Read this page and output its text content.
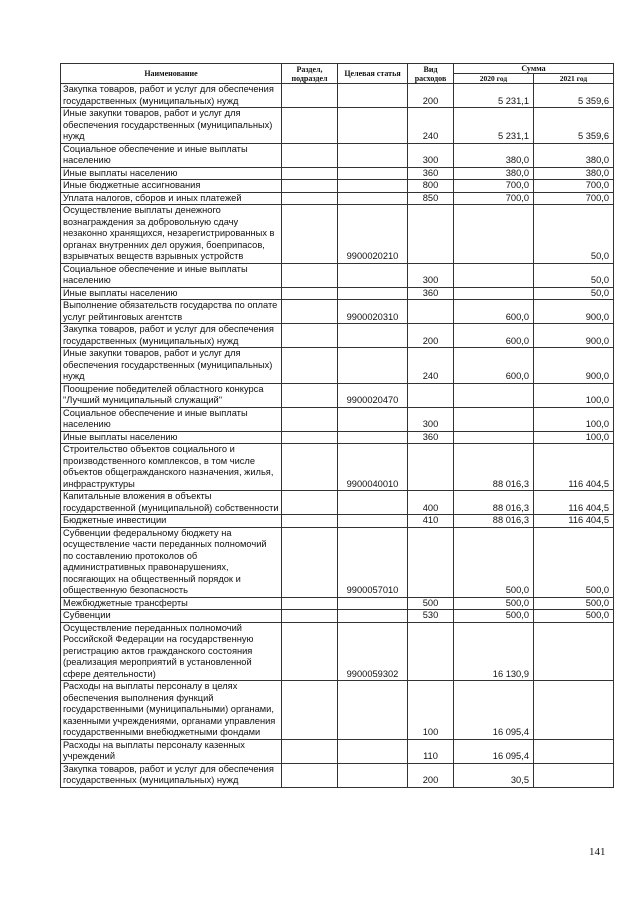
Наименование	Раздел, подраздел	Целевая статья	Вид расходов	Сумма	
				2020 год	2021 год
Закупка товаров, работ и услуг для обеспечения государственных (муниципальных) нужд			200	5 231,1	5 359,6
Иные закупки товаров, работ и услуг для обеспечения государственных (муниципальных) нужд			240	5 231,1	5 359,6
Социальное обеспечение и иные выплаты населению			300	380,0	380,0
Иные выплаты населению			360	380,0	380,0
Иные бюджетные ассигнования			800	700,0	700,0
Уплата налогов, сборов и иных платежей			850	700,0	700,0
Осуществление выплаты денежного вознаграждения за добровольную сдачу незаконно хранящихся, незарегистрированных в органах внутренних дел оружия, боеприпасов, взрывчатых веществ взрывных устройств		9900020210			50,0
Социальное обеспечение и иные выплаты населению			300		50,0
Иные выплаты населению			360		50,0
Выполнение обязательств государства по оплате услуг рейтинговых агентств		9900020310		600,0	900,0
Закупка товаров, работ и услуг для обеспечения государственных (муниципальных) нужд			200	600,0	900,0
Иные закупки товаров, работ и услуг для обеспечения государственных (муниципальных) нужд			240	600,0	900,0
Поощрение победителей областного конкурса "Лучший муниципальный служащий"		9900020470			100,0
Социальное обеспечение и иные выплаты населению			300		100,0
Иные выплаты населению			360		100,0
Строительство объектов социального и производственного комплексов, в том числе объектов общегражданского назначения, жилья, инфраструктуры		9900040010		88 016,3	116 404,5
Капитальные вложения в объекты государственной (муниципальной) собственности			400	88 016,3	116 404,5
Бюджетные инвестиции			410	88 016,3	116 404,5
Субвенции федеральному бюджету на осуществление части переданных полномочий по составлению протоколов об административных правонарушениях, посягающих на общественный порядок и общественную безопасность		9900057010		500,0	500,0
Межбюджетные трансферты			500	500,0	500,0
Субвенции			530	500,0	500,0
Осуществление переданных полномочий Российской Федерации на государственную регистрацию актов гражданского состояния (реализация мероприятий в установленной сфере деятельности)		9900059302		16 130,9	
Расходы на выплаты персоналу в целях обеспечения выполнения функций государственными (муниципальными) органами, казенными учреждениями, органами управления государственными внебюджетными фондами			100	16 095,4	
Расходы на выплаты персоналу казенных учреждений			110	16 095,4	
Закупка товаров, работ и услуг для обеспечения государственных (муниципальных) нужд			200	30,5	
141
